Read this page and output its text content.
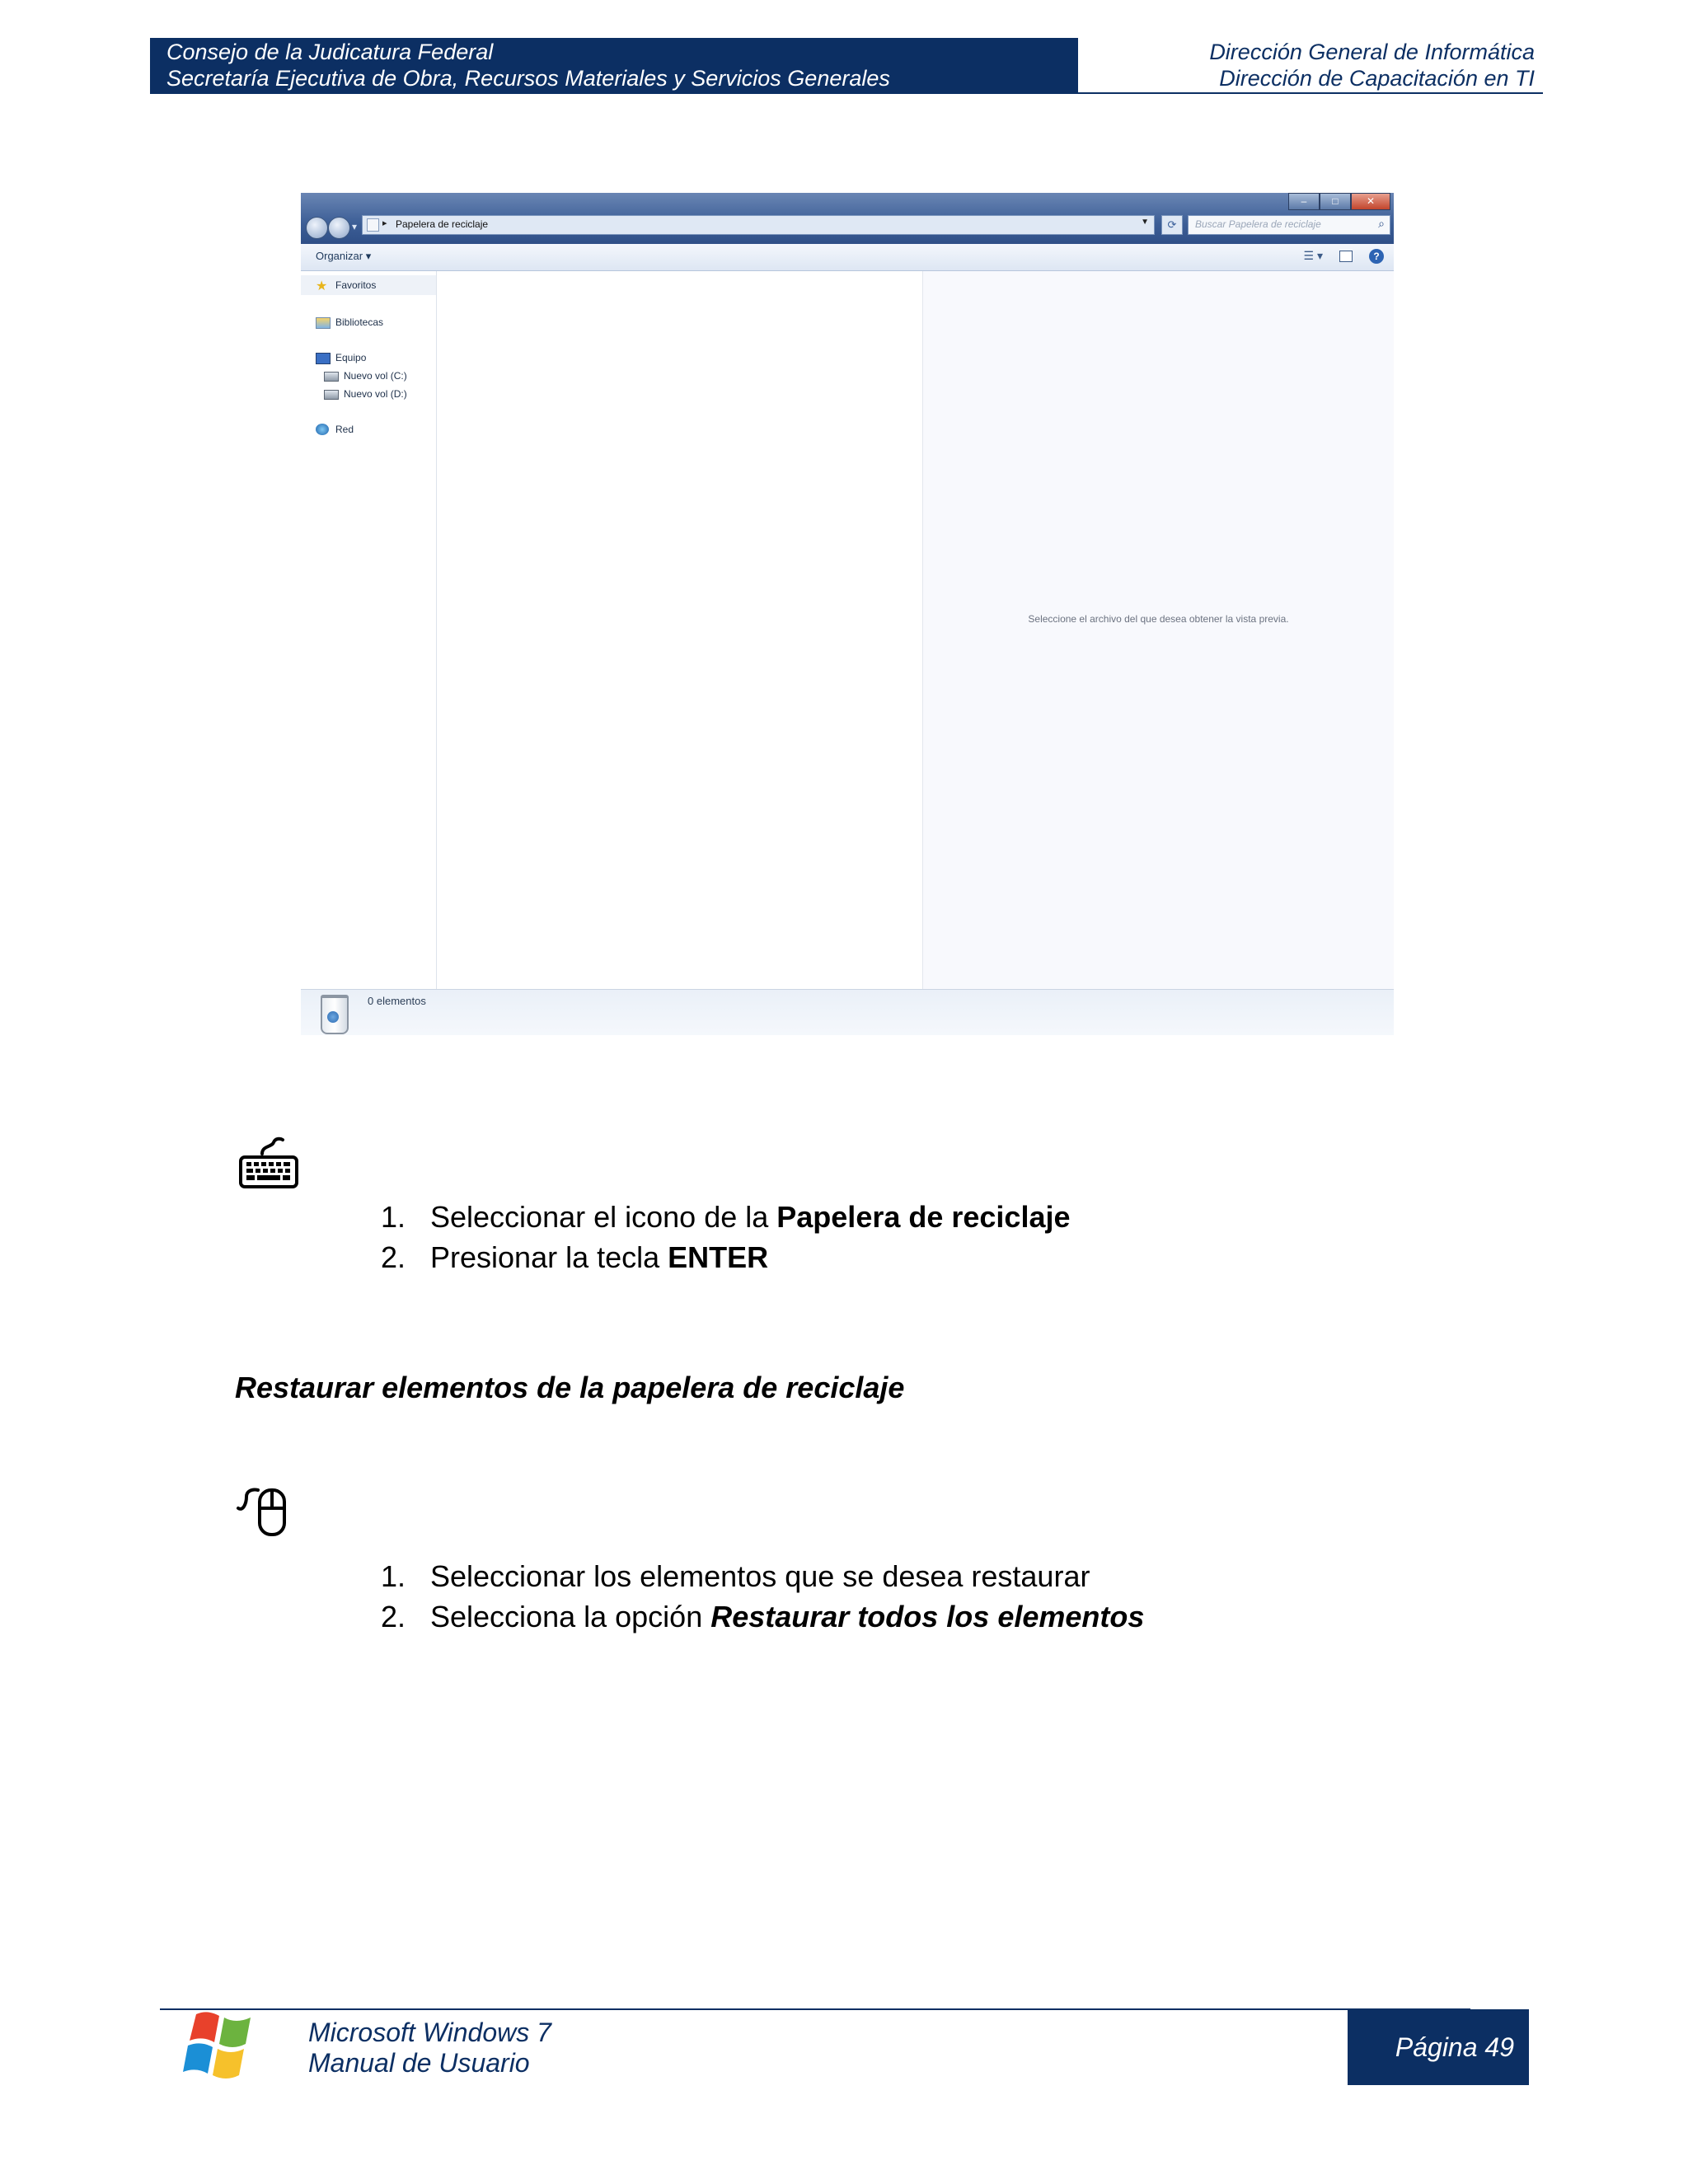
Consejo de la Judicatura Federal
Secretaría Ejecutiva de Obra, Recursos Materiales y Servicios Generales
Dirección General de Informática
Dirección de Capacitación en TI
▾	▸ Papelera de reciclaje	▼	⟳	Buscar Papelera de reciclaje	⌕
–	□	✕
Organizar ▾	☰ ▾	?
★ Favoritos
Bibliotecas
Equipo
Nuevo vol (C:)
Nuevo vol (D:)
Red
Seleccione el archivo del que desea obtener la vista previa.
0 elementos
1. Seleccionar el icono de la Papelera de reciclaje
2. Presionar la tecla ENTER
Restaurar elementos de la papelera de reciclaje
1. Seleccionar los elementos que se desea restaurar
2. Selecciona la opción Restaurar todos los elementos
Microsoft Windows 7
Manual de Usuario
Página 49
